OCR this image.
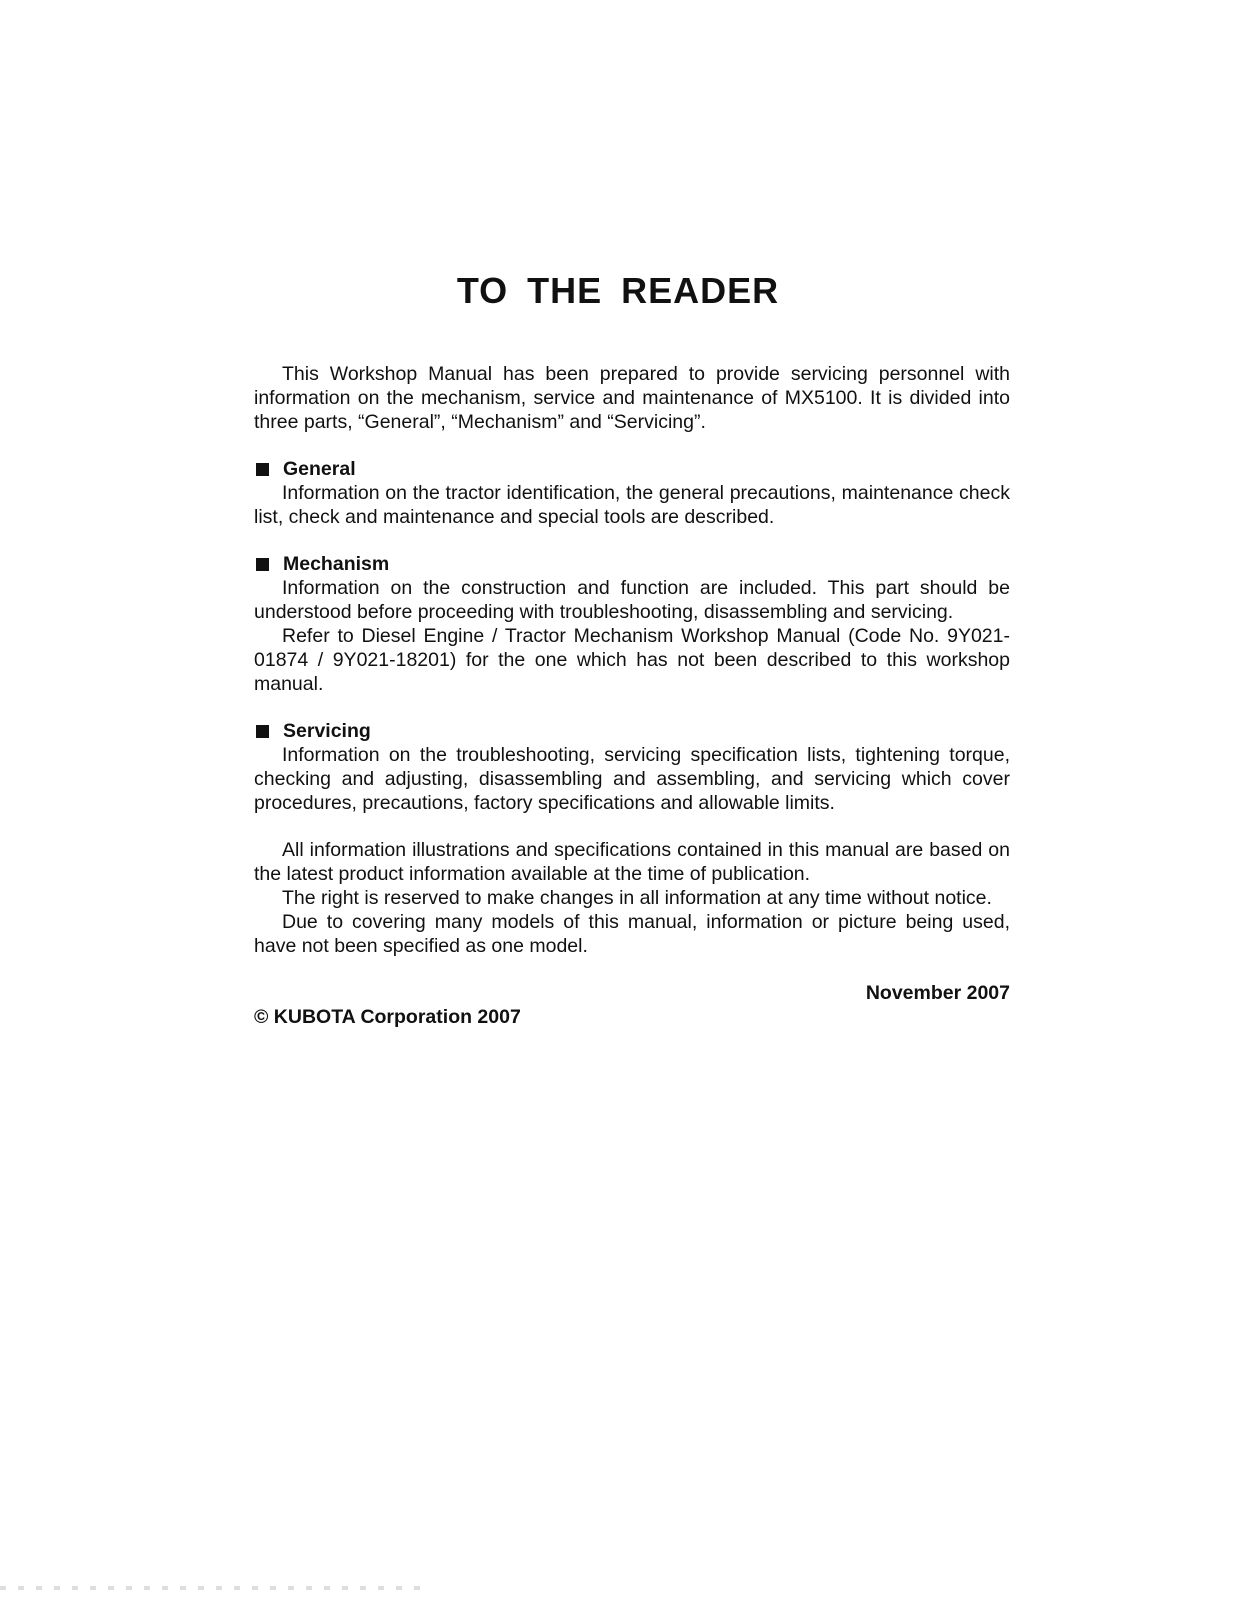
TO THE READER

This Workshop Manual has been prepared to provide servicing personnel with information on the mechanism, service and maintenance of MX5100. It is divided into three parts, “General”, “Mechanism” and “Servicing”.

General

Information on the tractor identification, the general precautions, maintenance check list, check and maintenance and special tools are described.

Mechanism

Information on the construction and function are included. This part should be understood before proceeding with troubleshooting, disassembling and servicing.

Refer to Diesel Engine / Tractor Mechanism Workshop Manual (Code No. 9Y021-01874 / 9Y021-18201) for the one which has not been described to this workshop manual.

Servicing

Information on the troubleshooting, servicing specification lists, tightening torque, checking and adjusting, disassembling and assembling, and servicing which cover procedures, precautions, factory specifications and allowable limits.

All information illustrations and specifications contained in this manual are based on the latest product information available at the time of publication.

The right is reserved to make changes in all information at any time without notice.

Due to covering many models of this manual, information or picture being used, have not been specified as one model.

November 2007
© KUBOTA Corporation 2007
